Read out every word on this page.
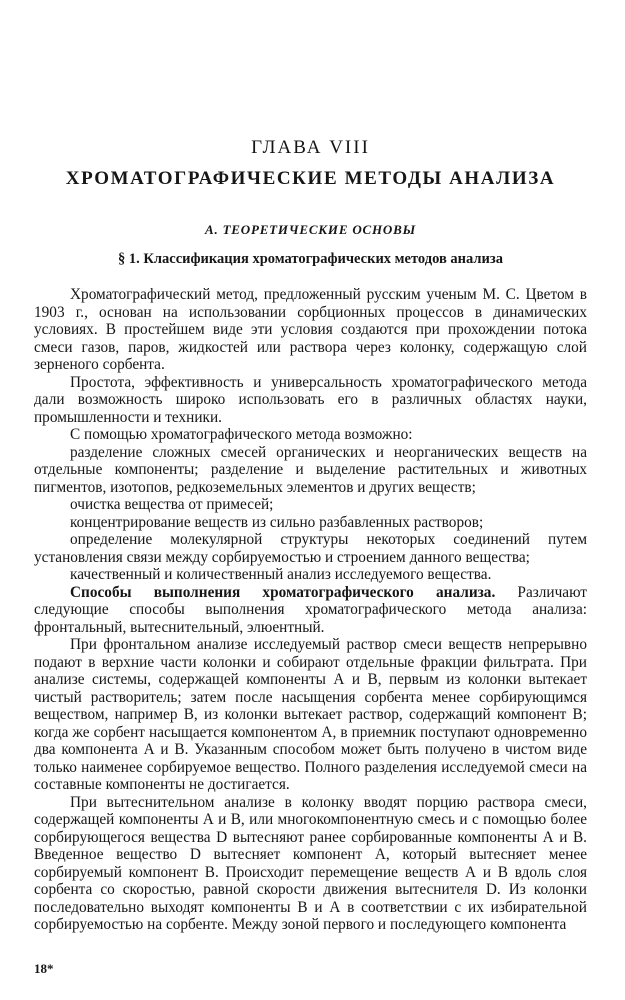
ГЛАВА VIII
ХРОМАТОГРАФИЧЕСКИЕ МЕТОДЫ АНАЛИЗА
А. ТЕОРЕТИЧЕСКИЕ ОСНОВЫ
§ 1. Классификация хроматографических методов анализа

Хроматографический метод, предложенный русским ученым М. С. Цветом в 1903 г., основан на использовании сорбционных процессов в динамических условиях. В простейшем виде эти условия создаются при прохождении потока смеси газов, паров, жидкостей или раствора через колонку, содержащую слой зерненого сорбента.

Простота, эффективность и универсальность хроматографического метода дали возможность широко использовать его в различных областях науки, промышленности и техники.

С помощью хроматографического метода возможно:

разделение сложных смесей органических и неорганических веществ на отдельные компоненты; разделение и выделение растительных и животных пигментов, изотопов, редкоземельных элементов и других веществ;

очистка вещества от примесей;

концентрирование веществ из сильно разбавленных растворов;

определение молекулярной структуры некоторых соединений путем установления связи между сорбируемостью и строением данного вещества;

качественный и количественный анализ исследуемого вещества.

Способы выполнения хроматографического анализа. Различают следующие способы выполнения хроматографического метода анализа: фронтальный, вытеснительный, элюентный.

При фронтальном анализе исследуемый раствор смеси веществ непрерывно подают в верхние части колонки и собирают отдельные фракции фильтрата. При анализе системы, содержащей компоненты А и В, первым из колонки вытекает чистый растворитель; затем после насыщения сорбента менее сорбирующимся веществом, например В, из колонки вытекает раствор, содержащий компонент В; когда же сорбент насыщается компонентом А, в приемник поступают одновременно два компонента А и В. Указанным способом может быть получено в чистом виде только наименее сорбируемое вещество. Полного разделения исследуемой смеси на составные компоненты не достигается.

При вытеснительном анализе в колонку вводят порцию раствора смеси, содержащей компоненты А и В, или многокомпонентную смесь и с помощью более сорбирующегося вещества D вытесняют ранее сорбированные компоненты А и В. Введенное вещество D вытесняет компонент А, который вытесняет менее сорбируемый компонент В. Происходит перемещение веществ А и В вдоль слоя сорбента со скоростью, равной скорости движения вытеснителя D. Из колонки последовательно выходят компоненты В и А в соответствии с их избирательной сорбируемостью на сорбенте. Между зоной первого и последующего компонента

18*
